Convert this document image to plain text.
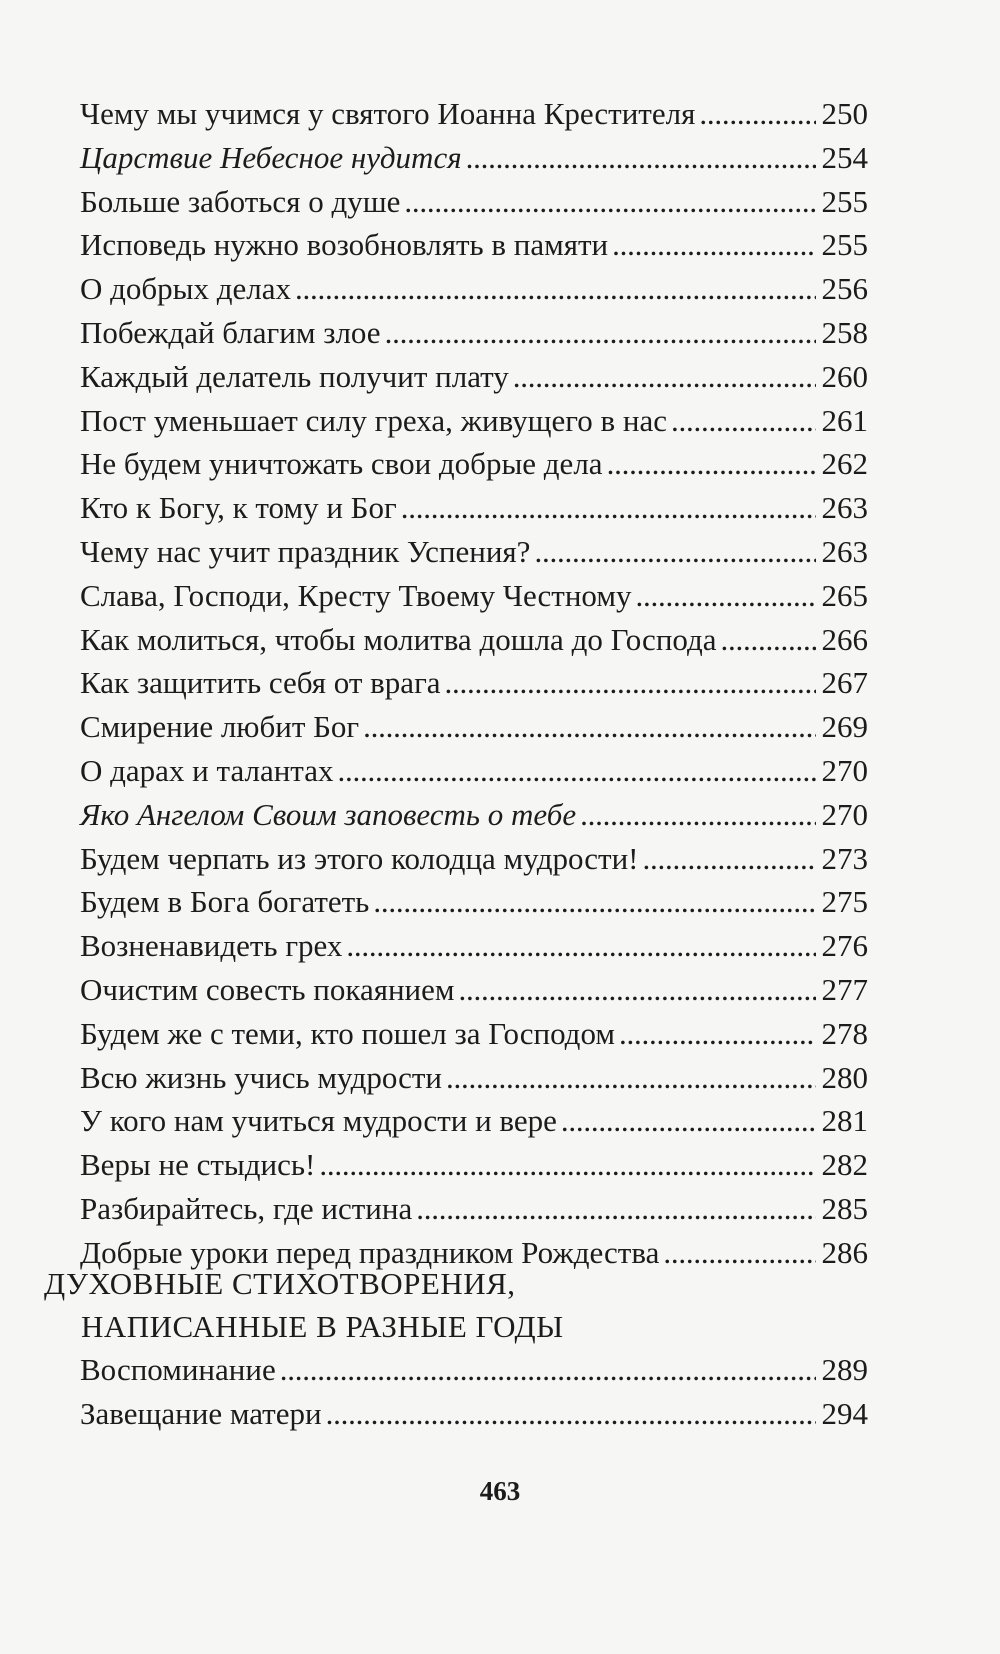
Чему мы учимся у святого Иоанна Крестителя . . .	250
Царствие Небесное нудится . . .	254
Больше заботься о душе . . .	255
Исповедь нужно возобновлять в памяти . . .	255
О добрых делах . . .	256
Побеждай благим злое . . .	258
Каждый делатель получит плату . . .	260
Пост уменьшает силу греха, живущего в нас . . .	261
Не будем уничтожать свои добрые дела . . .	262
Кто к Богу, к тому и Бог . . .	263
Чему нас учит праздник Успения? . . .	263
Слава, Господи, Кресту Твоему Честному . . .	265
Как молиться, чтобы молитва дошла до Господа . . .	266
Как защитить себя от врага . . .	267
Смирение любит Бог . . .	269
О дарах и талантах . . .	270
Яко Ангелом Своим заповесть о тебе . . .	270
Будем черпать из этого колодца мудрости! . . .	273
Будем в Бога богатеть . . .	275
Возненавидеть грех . . .	276
Очистим совесть покаянием . . .	277
Будем же с теми, кто пошел за Господом . . .	278
Всю жизнь учись мудрости . . .	280
У кого нам учиться мудрости и вере . . .	281
Веры не стыдись! . . .	282
Разбирайтесь, где истина . . .	285
Добрые уроки перед праздником Рождества . . .	286
ДУХОВНЫЕ СТИХОТВОРЕНИЯ,
НАПИСАННЫЕ В РАЗНЫЕ ГОДЫ
Воспоминание . . .	289
Завещание матери . . .	294
463
